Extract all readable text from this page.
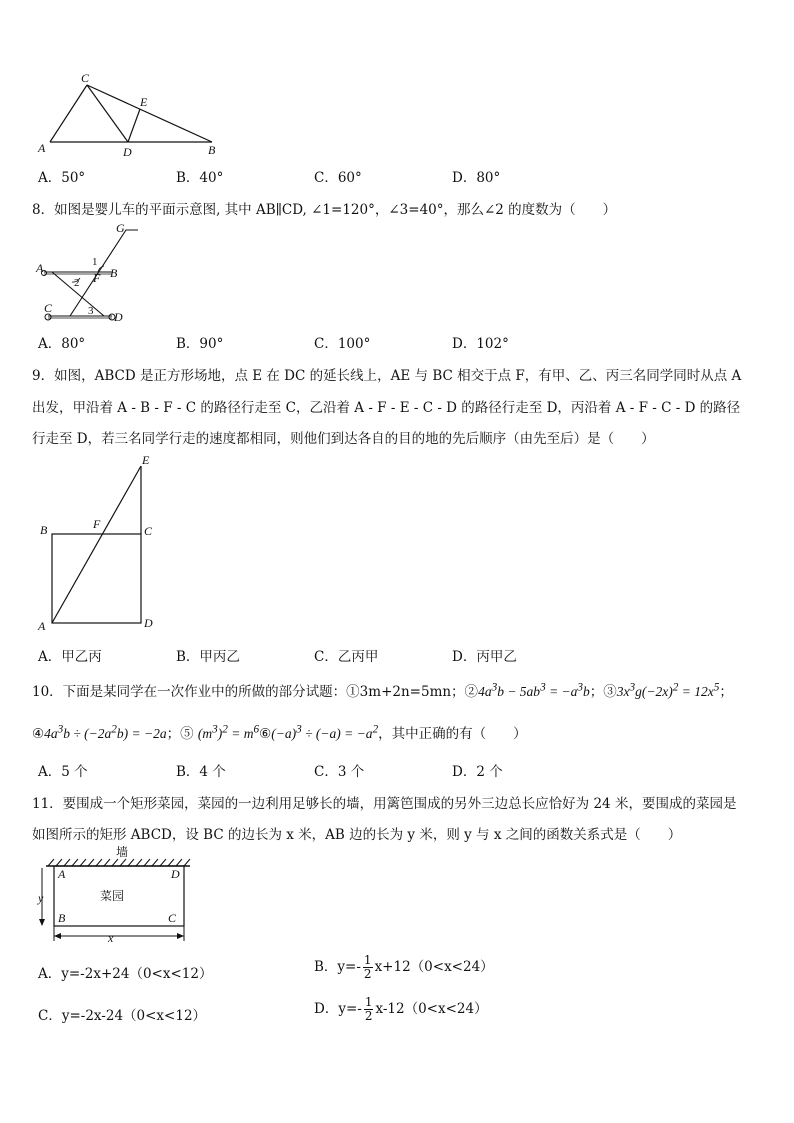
C
E
A	D	B
A．50°	B．40°	C．60°	D．80°
8．如图是婴儿车的平面示意图, 其中 AB∥CD, ∠1=120°，∠3=40°，那么∠2 的度数为（　　）
G
A	B
F
1
2
3
C
D
A．80°	B．90°	C．100°	D．102°
9．如图，ABCD 是正方形场地，点 E 在 DC 的延长线上，AE 与 BC 相交于点 F，有甲、乙、丙三名同学同时从点 A
出发，甲沿着 A - B - F - C 的路径行走至 C，乙沿着 A - F - E - C - D 的路径行走至 D，丙沿着 A - F - C - D 的路径
行走至 D，若三名同学行走的速度都相同，则他们到达各自的目的地的先后顺序（由先至后）是（　　）
E
B	F	C
A	D
A．甲乙丙	B．甲丙乙	C．乙丙甲	D．丙甲乙
10．下面是某同学在一次作业中的所做的部分试题：①3m+2n=5mn；$②4a^3b - 5ab^3 = -a^3b$；$③3x^3g(-2x)^2 = 12x^5$；
$④4a^3b \div (-2a^2b) = -2a$；⑤ $(m^3)^2$ = $m^6⑥(-a)^3 \div (-a) = -a^2$，其中正确的有（　　）
A．5 个	B．4 个	C．3 个	D．2 个
11．要围成一个矩形菜园，菜园的一边利用足够长的墙，用篱笆围成的另外三边总长应恰好为 24 米，要围成的菜园是
如图所示的矩形 ABCD，设 BC 的边长为 x 米，AB 边的长为 y 米，则 y 与 x 之间的函数关系式是（　　）
墙
菜园
A	D
B	C
y
x
A．y=-2x+24（0<x<12）	B．$y=- \frac{1}{2} x+12(0<x<24)$
C．y=-2x-24（0<x<12）	D．$y=- \frac{1}{2} x-12(0<x<24)$
